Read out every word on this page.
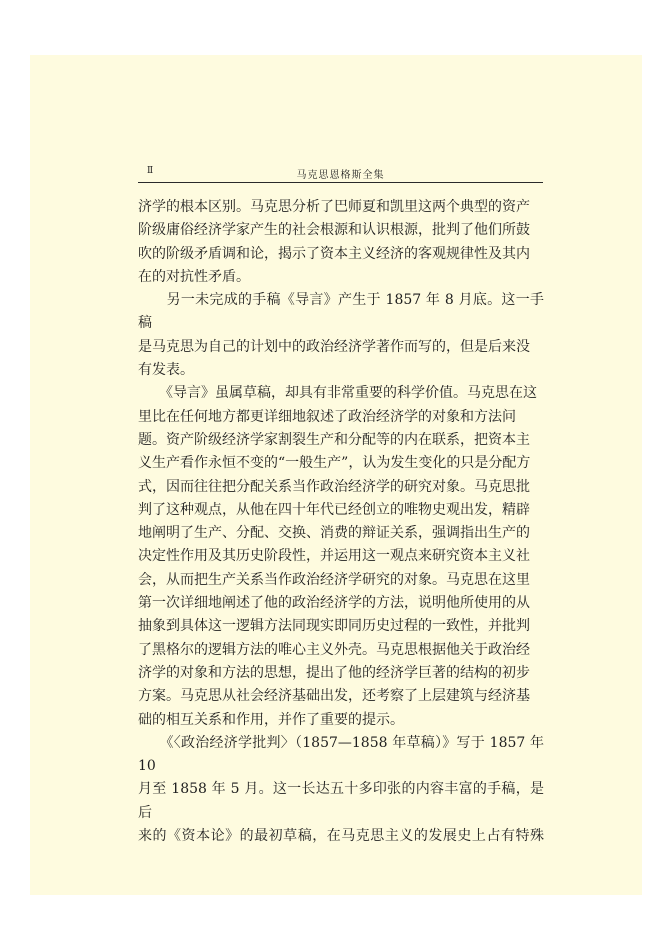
Ⅱ	马克思恩格斯全集

济学的根本区别。马克思分析了巴师夏和凯里这两个典型的资产
阶级庸俗经济学家产生的社会根源和认识根源，批判了他们所鼓
吹的阶级矛盾调和论，揭示了资本主义经济的客观规律性及其内
在的对抗性矛盾。

　　另一未完成的手稿《导言》产生于 1857 年 8 月底。这一手稿
是马克思为自己的计划中的政治经济学著作而写的，但是后来没
有发表。

　　《导言》虽属草稿，却具有非常重要的科学价值。马克思在这
里比在任何地方都更详细地叙述了政治经济学的对象和方法问
题。资产阶级经济学家割裂生产和分配等的内在联系，把资本主
义生产看作永恒不变的“一般生产”，认为发生变化的只是分配方
式，因而往往把分配关系当作政治经济学的研究对象。马克思批
判了这种观点，从他在四十年代已经创立的唯物史观出发，精辟
地阐明了生产、分配、交换、消费的辩证关系，强调指出生产的
决定性作用及其历史阶段性，并运用这一观点来研究资本主义社
会，从而把生产关系当作政治经济学研究的对象。马克思在这里
第一次详细地阐述了他的政治经济学的方法，说明他所使用的从
抽象到具体这一逻辑方法同现实即同历史过程的一致性，并批判
了黑格尔的逻辑方法的唯心主义外壳。马克思根据他关于政治经
济学的对象和方法的思想，提出了他的经济学巨著的结构的初步
方案。马克思从社会经济基础出发，还考察了上层建筑与经济基
础的相互关系和作用，并作了重要的提示。

　　《〈政治经济学批判〉（1857—1858 年草稿）》写于 1857 年 10
月至 1858 年 5 月。这一长达五十多印张的内容丰富的手稿，是后
来的《资本论》的最初草稿，在马克思主义的发展史上占有特殊
